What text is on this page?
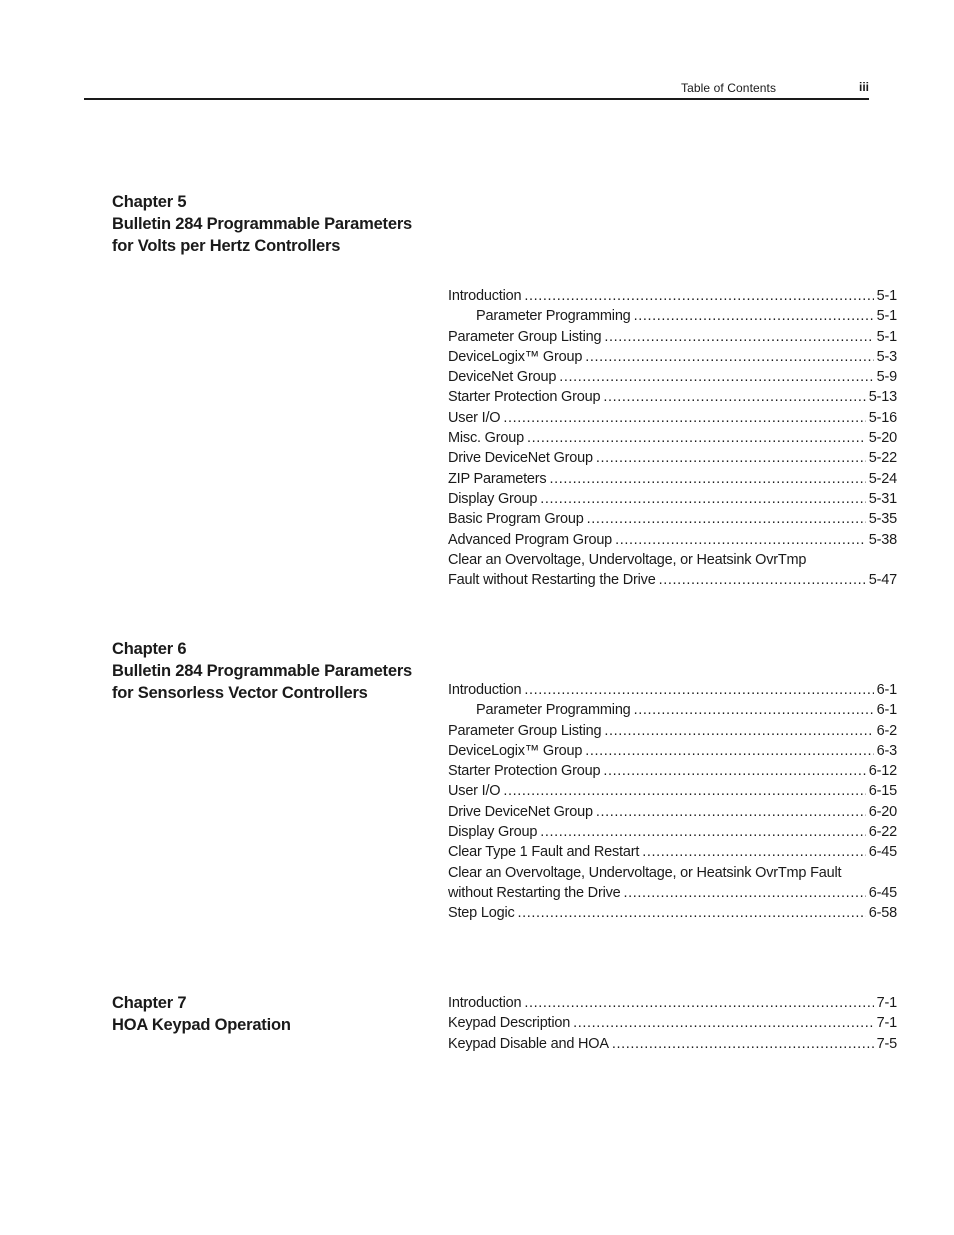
Table of Contents	iii
Chapter 5
Bulletin 284 Programmable Parameters
for Volts per Hertz Controllers
Introduction .....	5-1
Parameter Programming .....	5-1
Parameter Group Listing .....	5-1
DeviceLogix™ Group .....	5-3
DeviceNet Group .....	5-9
Starter Protection Group .....	5-13
User I/O .....	5-16
Misc. Group .....	5-20
Drive DeviceNet Group .....	5-22
ZIP Parameters .....	5-24
Display Group .....	5-31
Basic Program Group .....	5-35
Advanced Program Group .....	5-38
Clear an Overvoltage, Undervoltage, or Heatsink OvrTmp
Fault without Restarting the Drive .....	5-47
Chapter 6
Bulletin 284 Programmable Parameters
for Sensorless Vector Controllers	Introduction .....	6-1
Parameter Programming .....	6-1
Parameter Group Listing .....	6-2
DeviceLogix™ Group .....	6-3
Starter Protection Group .....	6-12
User I/O .....	6-15
Drive DeviceNet Group .....	6-20
Display Group .....	6-22
Clear Type 1 Fault and Restart .....	6-45
Clear an Overvoltage, Undervoltage, or Heatsink OvrTmp Fault
without Restarting the Drive .....	6-45
Step Logic .....	6-58
Chapter 7
HOA Keypad Operation
Introduction .....	7-1
Keypad Description .....	7-1
Keypad Disable and HOA .....	7-5
